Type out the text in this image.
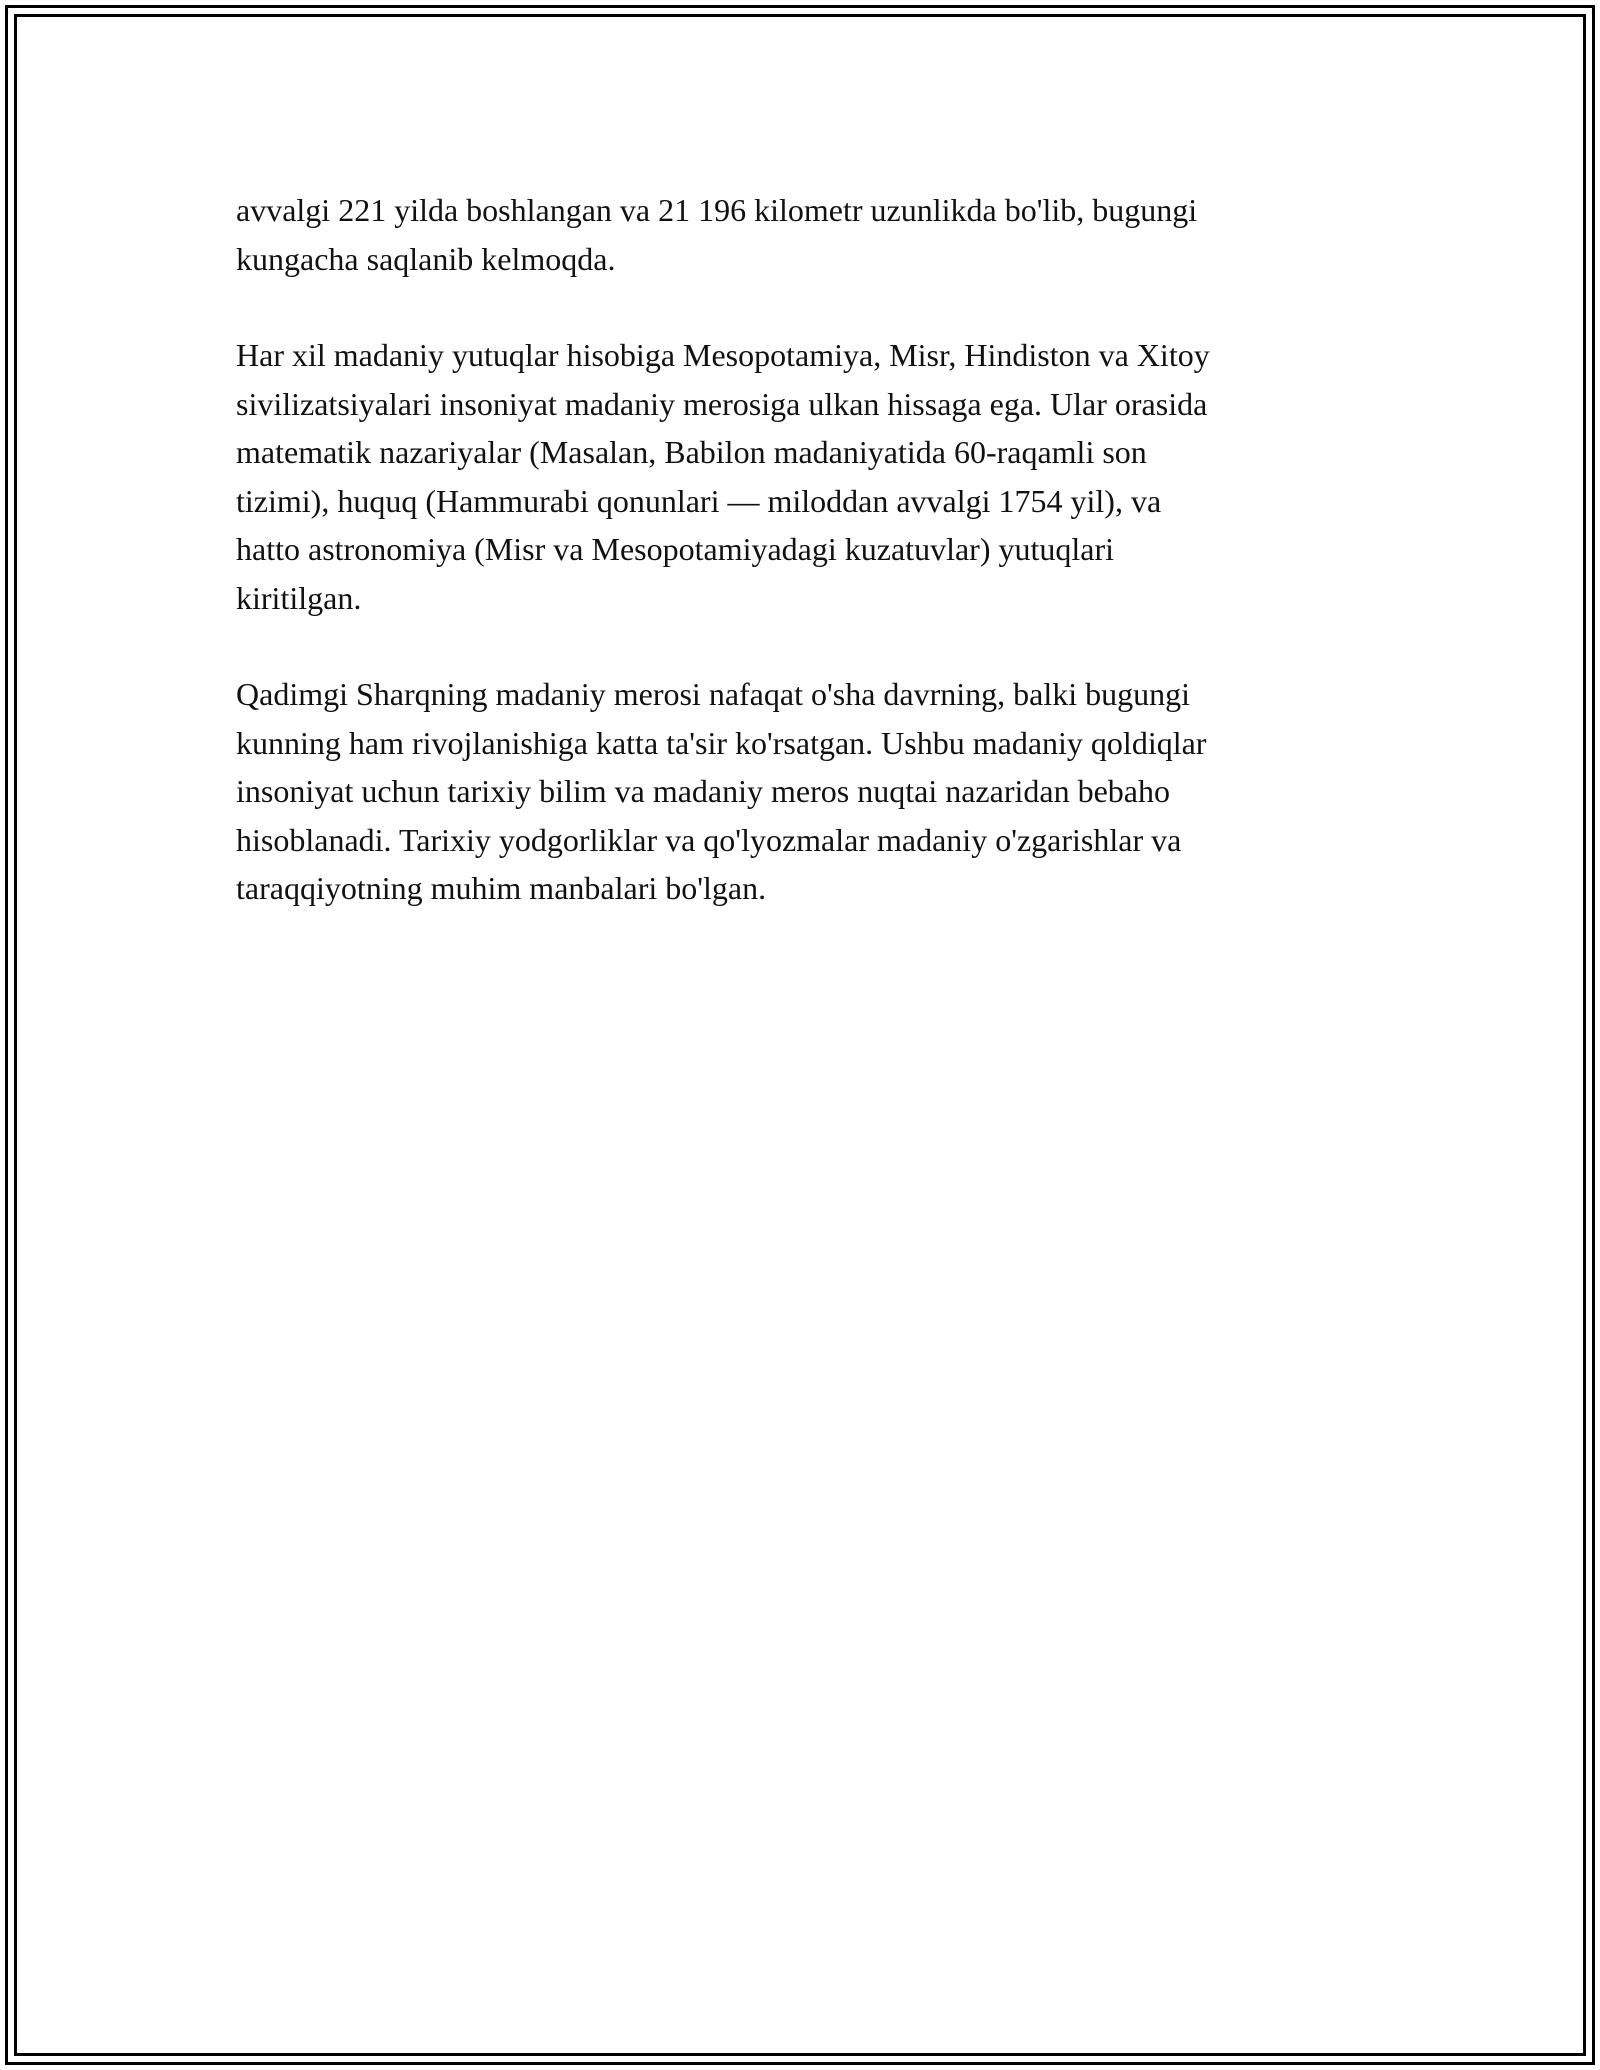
avvalgi 221 yilda boshlangan va 21 196 kilometr uzunlikda bo'lib, bugungi
kungacha saqlanib kelmoqda.

Har xil madaniy yutuqlar hisobiga Mesopotamiya, Misr, Hindiston va Xitoy
sivilizatsiyalari insoniyat madaniy merosiga ulkan hissaga ega. Ular orasida
matematik nazariyalar (Masalan, Babilon madaniyatida 60-raqamli son
tizimi), huquq (Hammurabi qonunlari — miloddan avvalgi 1754 yil), va
hatto astronomiya (Misr va Mesopotamiyadagi kuzatuvlar) yutuqlari
kiritilgan.

Qadimgi Sharqning madaniy merosi nafaqat o'sha davrning, balki bugungi
kunning ham rivojlanishiga katta ta'sir ko'rsatgan. Ushbu madaniy qoldiqlar
insoniyat uchun tarixiy bilim va madaniy meros nuqtai nazaridan bebaho
hisoblanadi. Tarixiy yodgorliklar va qo'lyozmalar madaniy o'zgarishlar va
taraqqiyotning muhim manbalari bo'lgan.
